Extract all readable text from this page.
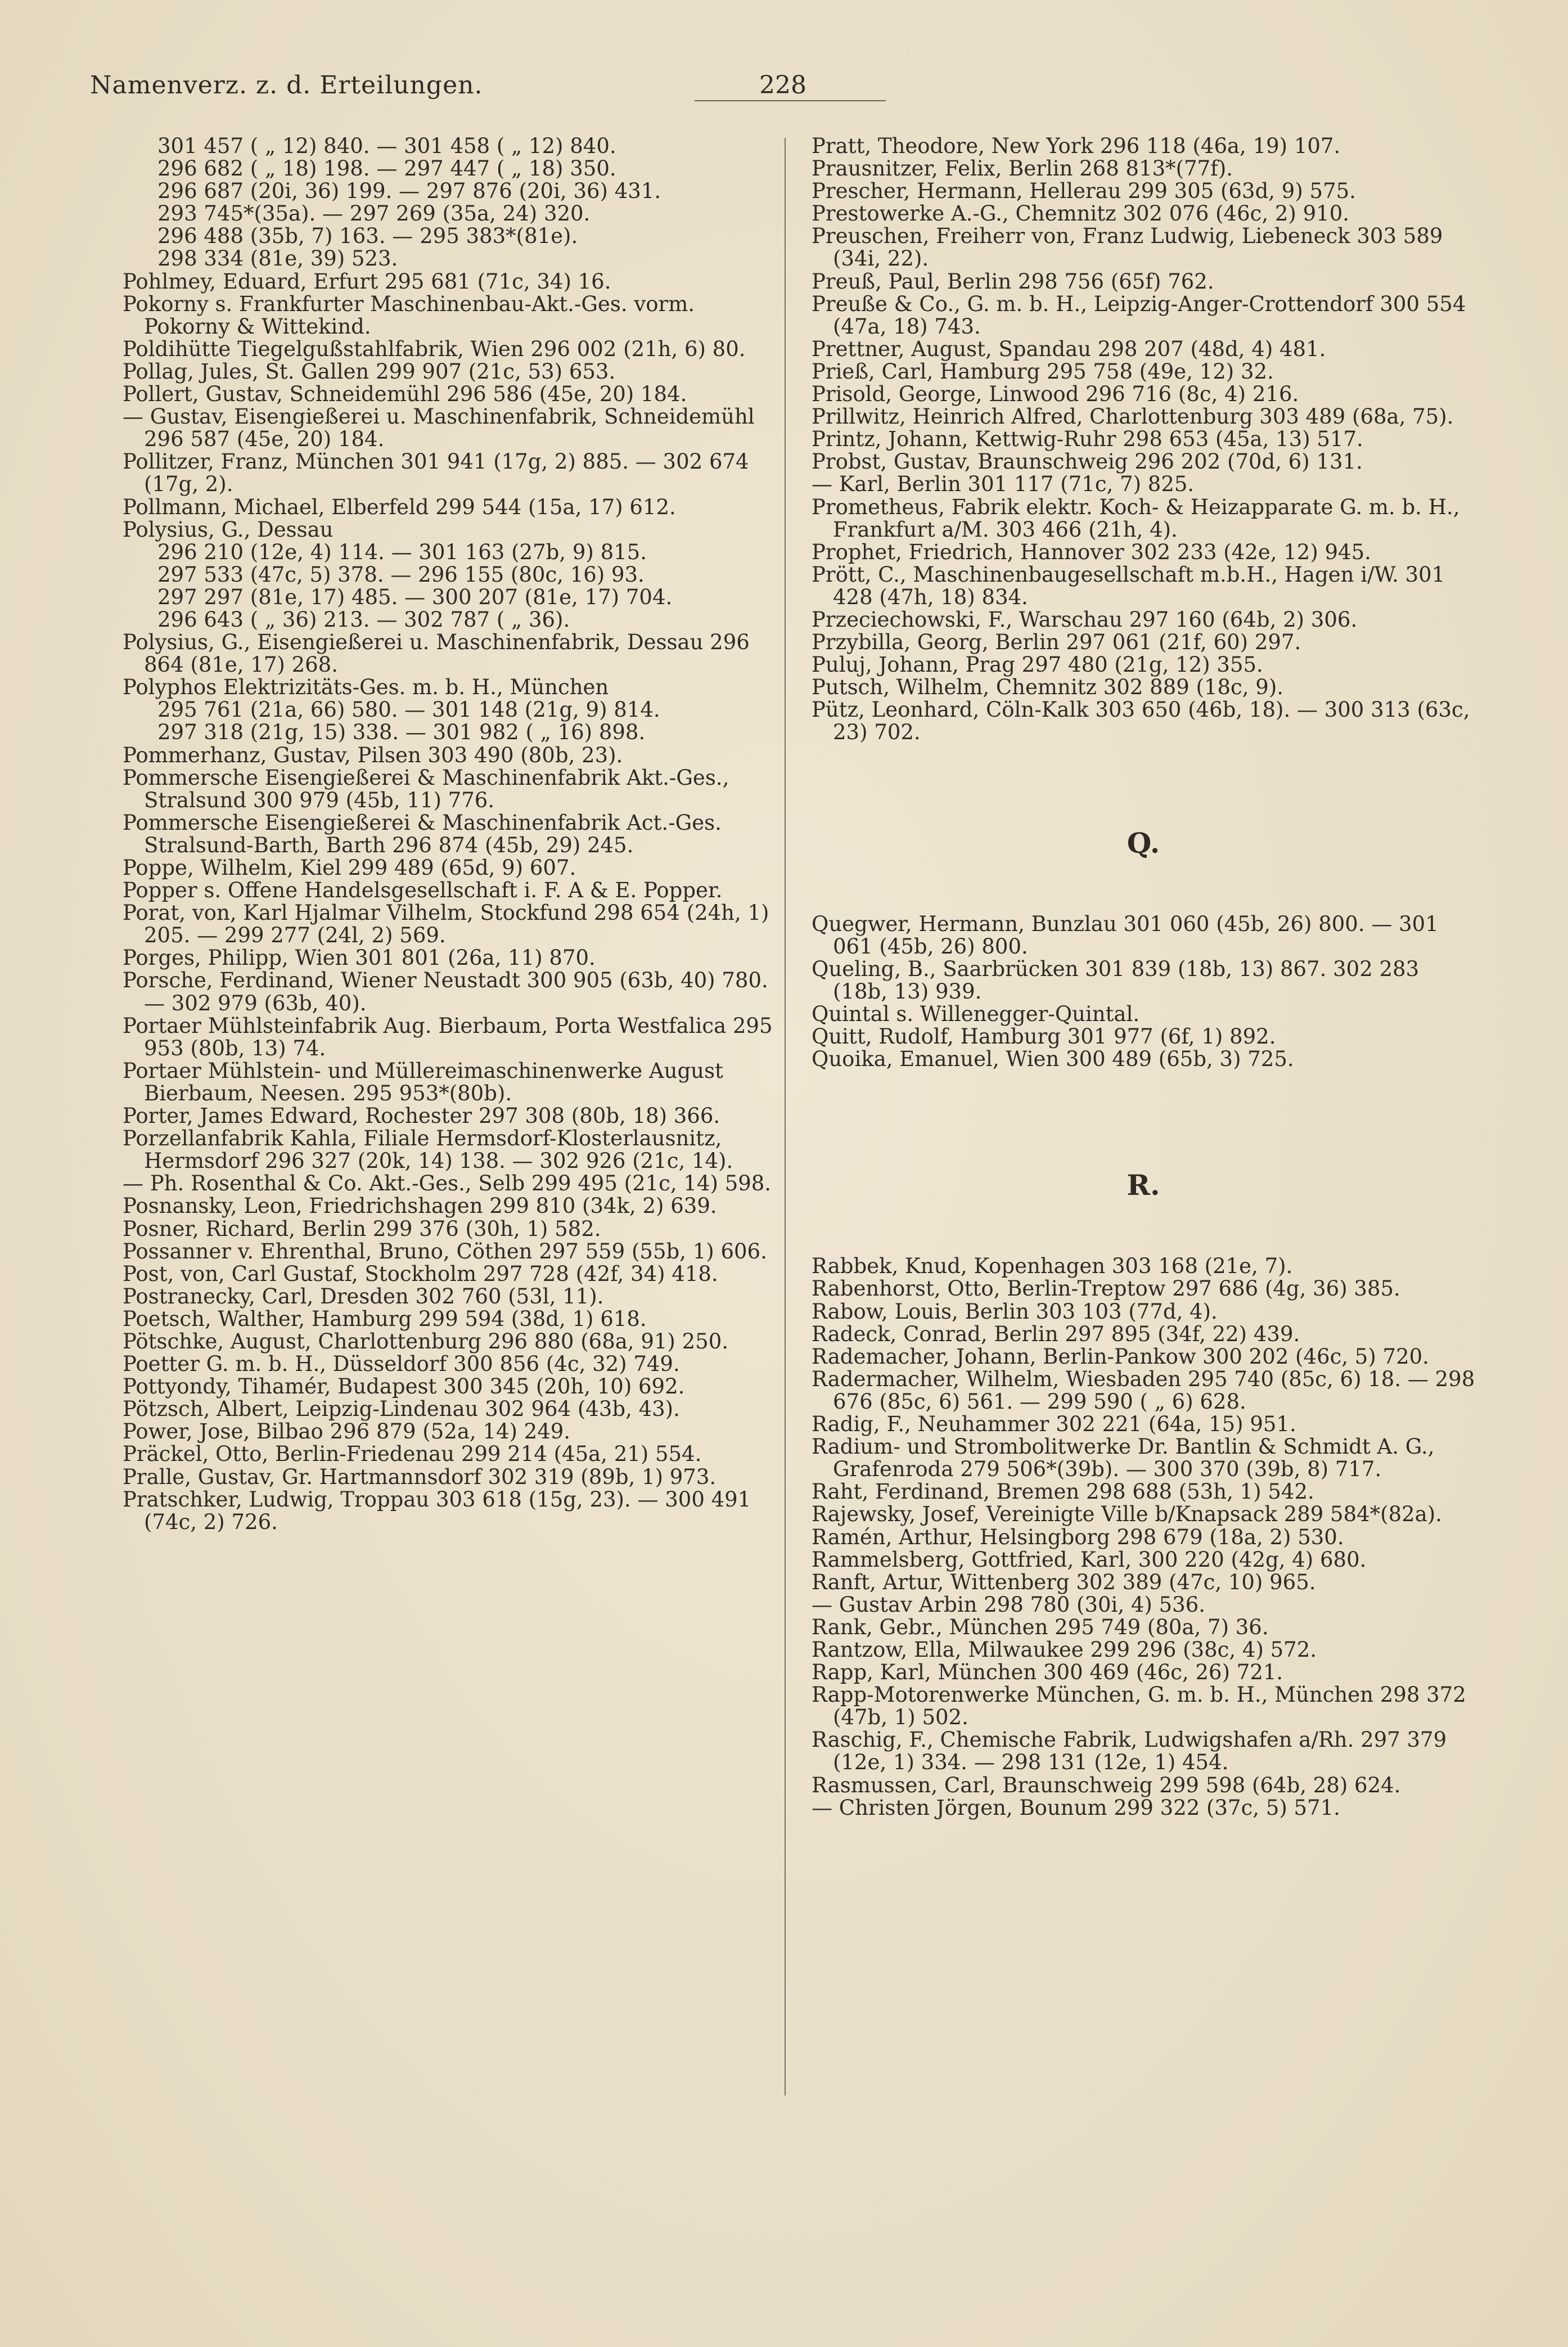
Namenverz. z. d. Erteilungen.	228
301 457 ( „ 12) 840. — 301 458 ( „ 12) 840.
296 682 ( „ 18) 198. — 297 447 ( „ 18) 350.
296 687 (20i, 36) 199. — 297 876 (20i, 36) 431.
293 745*(35a). — 297 269 (35a, 24) 320.
296 488 (35b, 7) 163. — 295 383*(81e).
298 334 (81e, 39) 523.
Pohlmey, Eduard, Erfurt 295 681 (71c, 34) 16.
Pokorny s. Frankfurter Maschinenbau-Akt.-Ges. vorm. Pokorny & Wittekind.
Poldihütte Tiegelgußstahlfabrik, Wien 296 002 (21h, 6) 80.
Pollag, Jules, St. Gallen 299 907 (21c, 53) 653.
Pollert, Gustav, Schneidemühl 296 586 (45e, 20) 184.
— Gustav, Eisengießerei u. Maschinenfabrik, Schneidemühl 296 587 (45e, 20) 184.
Pollitzer, Franz, München 301 941 (17g, 2) 885. — 302 674 (17g, 2).
Pollmann, Michael, Elberfeld 299 544 (15a, 17) 612.
Polysius, G., Dessau
296 210 (12e, 4) 114. — 301 163 (27b, 9) 815.
297 533 (47c, 5) 378. — 296 155 (80c, 16) 93.
297 297 (81e, 17) 485. — 300 207 (81e, 17) 704.
296 643 ( „ 36) 213. — 302 787 ( „ 36).
Polysius, G., Eisengießerei u. Maschinenfabrik, Dessau 296 864 (81e, 17) 268.
Polyphos Elektrizitäts-Ges. m. b. H., München
295 761 (21a, 66) 580. — 301 148 (21g, 9) 814.
297 318 (21g, 15) 338. — 301 982 ( „ 16) 898.
Pommerhanz, Gustav, Pilsen 303 490 (80b, 23).
Pommersche Eisengießerei & Maschinenfabrik Akt.-Ges., Stralsund 300 979 (45b, 11) 776.
Pommersche Eisengießerei & Maschinenfabrik Act.-Ges. Stralsund-Barth, Barth 296 874 (45b, 29) 245.
Poppe, Wilhelm, Kiel 299 489 (65d, 9) 607.
Popper s. Offene Handelsgesellschaft i. F. A & E. Popper.
Porat, von, Karl Hjalmar Vilhelm, Stockfund 298 654 (24h, 1) 205. — 299 277 (24l, 2) 569.
Porges, Philipp, Wien 301 801 (26a, 11) 870.
Porsche, Ferdinand, Wiener Neustadt 300 905 (63b, 40) 780. — 302 979 (63b, 40).
Portaer Mühlsteinfabrik Aug. Bierbaum, Porta Westfalica 295 953 (80b, 13) 74.
Portaer Mühlstein- und Müllereimaschinenwerke August Bierbaum, Neesen. 295 953*(80b).
Porter, James Edward, Rochester 297 308 (80b, 18) 366.
Porzellanfabrik Kahla, Filiale Hermsdorf-Klosterlausnitz, Hermsdorf 296 327 (20k, 14) 138. — 302 926 (21c, 14).
— Ph. Rosenthal & Co. Akt.-Ges., Selb 299 495 (21c, 14) 598.
Posnansky, Leon, Friedrichshagen 299 810 (34k, 2) 639.
Posner, Richard, Berlin 299 376 (30h, 1) 582.
Possanner v. Ehrenthal, Bruno, Cöthen 297 559 (55b, 1) 606.
Post, von, Carl Gustaf, Stockholm 297 728 (42f, 34) 418.
Postranecky, Carl, Dresden 302 760 (53l, 11).
Poetsch, Walther, Hamburg 299 594 (38d, 1) 618.
Pötschke, August, Charlottenburg 296 880 (68a, 91) 250.
Poetter G. m. b. H., Düsseldorf 300 856 (4c, 32) 749.
Pottyondy, Tihamér, Budapest 300 345 (20h, 10) 692.
Pötzsch, Albert, Leipzig-Lindenau 302 964 (43b, 43).
Power, Jose, Bilbao 296 879 (52a, 14) 249.
Präckel, Otto, Berlin-Friedenau 299 214 (45a, 21) 554.
Pralle, Gustav, Gr. Hartmannsdorf 302 319 (89b, 1) 973.
Pratschker, Ludwig, Troppau 303 618 (15g, 23). — 300 491 (74c, 2) 726.
Pratt, Theodore, New York 296 118 (46a, 19) 107.
Prausnitzer, Felix, Berlin 268 813*(77f).
Prescher, Hermann, Hellerau 299 305 (63d, 9) 575.
Prestowerke A.-G., Chemnitz 302 076 (46c, 2) 910.
Preuschen, Freiherr von, Franz Ludwig, Liebeneck 303 589 (34i, 22).
Preuß, Paul, Berlin 298 756 (65f) 762.
Preuße & Co., G. m. b. H., Leipzig-Anger-Crottendorf 300 554 (47a, 18) 743.
Prettner, August, Spandau 298 207 (48d, 4) 481.
Prieß, Carl, Hamburg 295 758 (49e, 12) 32.
Prisold, George, Linwood 296 716 (8c, 4) 216.
Prillwitz, Heinrich Alfred, Charlottenburg 303 489 (68a, 75).
Printz, Johann, Kettwig-Ruhr 298 653 (45a, 13) 517.
Probst, Gustav, Braunschweig 296 202 (70d, 6) 131.
— Karl, Berlin 301 117 (71c, 7) 825.
Prometheus, Fabrik elektr. Koch- & Heizapparate G. m. b. H., Frankfurt a/M. 303 466 (21h, 4).
Prophet, Friedrich, Hannover 302 233 (42e, 12) 945.
Prött, C., Maschinenbaugesellschaft m.b.H., Hagen i/W. 301 428 (47h, 18) 834.
Przeciechowski, F., Warschau 297 160 (64b, 2) 306.
Przybilla, Georg, Berlin 297 061 (21f, 60) 297.
Puluj, Johann, Prag 297 480 (21g, 12) 355.
Putsch, Wilhelm, Chemnitz 302 889 (18c, 9).
Pütz, Leonhard, Cöln-Kalk 303 650 (46b, 18). — 300 313 (63c, 23) 702.
Q.
Quegwer, Hermann, Bunzlau 301 060 (45b, 26) 800. — 301 061 (45b, 26) 800.
Queling, B., Saarbrücken 301 839 (18b, 13) 867. 302 283 (18b, 13) 939.
Quintal s. Willenegger-Quintal.
Quitt, Rudolf, Hamburg 301 977 (6f, 1) 892.
Quoika, Emanuel, Wien 300 489 (65b, 3) 725.
R.
Rabbek, Knud, Kopenhagen 303 168 (21e, 7).
Rabenhorst, Otto, Berlin-Treptow 297 686 (4g, 36) 385.
Rabow, Louis, Berlin 303 103 (77d, 4).
Radeck, Conrad, Berlin 297 895 (34f, 22) 439.
Rademacher, Johann, Berlin-Pankow 300 202 (46c, 5) 720.
Radermacher, Wilhelm, Wiesbaden 295 740 (85c, 6) 18. — 298 676 (85c, 6) 561. — 299 590 ( „ 6) 628.
Radig, F., Neuhammer 302 221 (64a, 15) 951.
Radium- und Strombolitwerke Dr. Bantlin & Schmidt A. G., Grafenroda 279 506*(39b). — 300 370 (39b, 8) 717.
Raht, Ferdinand, Bremen 298 688 (53h, 1) 542.
Rajewsky, Josef, Vereinigte Ville b/Knapsack 289 584*(82a).
Ramén, Arthur, Helsingborg 298 679 (18a, 2) 530.
Rammelsberg, Gottfried, Karl, 300 220 (42g, 4) 680.
Ranft, Artur, Wittenberg 302 389 (47c, 10) 965.
— Gustav Arbin 298 780 (30i, 4) 536.
Rank, Gebr., München 295 749 (80a, 7) 36.
Rantzow, Ella, Milwaukee 299 296 (38c, 4) 572.
Rapp, Karl, München 300 469 (46c, 26) 721.
Rapp-Motorenwerke München, G. m. b. H., München 298 372 (47b, 1) 502.
Raschig, F., Chemische Fabrik, Ludwigshafen a/Rh. 297 379 (12e, 1) 334. — 298 131 (12e, 1) 454.
Rasmussen, Carl, Braunschweig 299 598 (64b, 28) 624.
— Christen Jörgen, Bounum 299 322 (37c, 5) 571.
